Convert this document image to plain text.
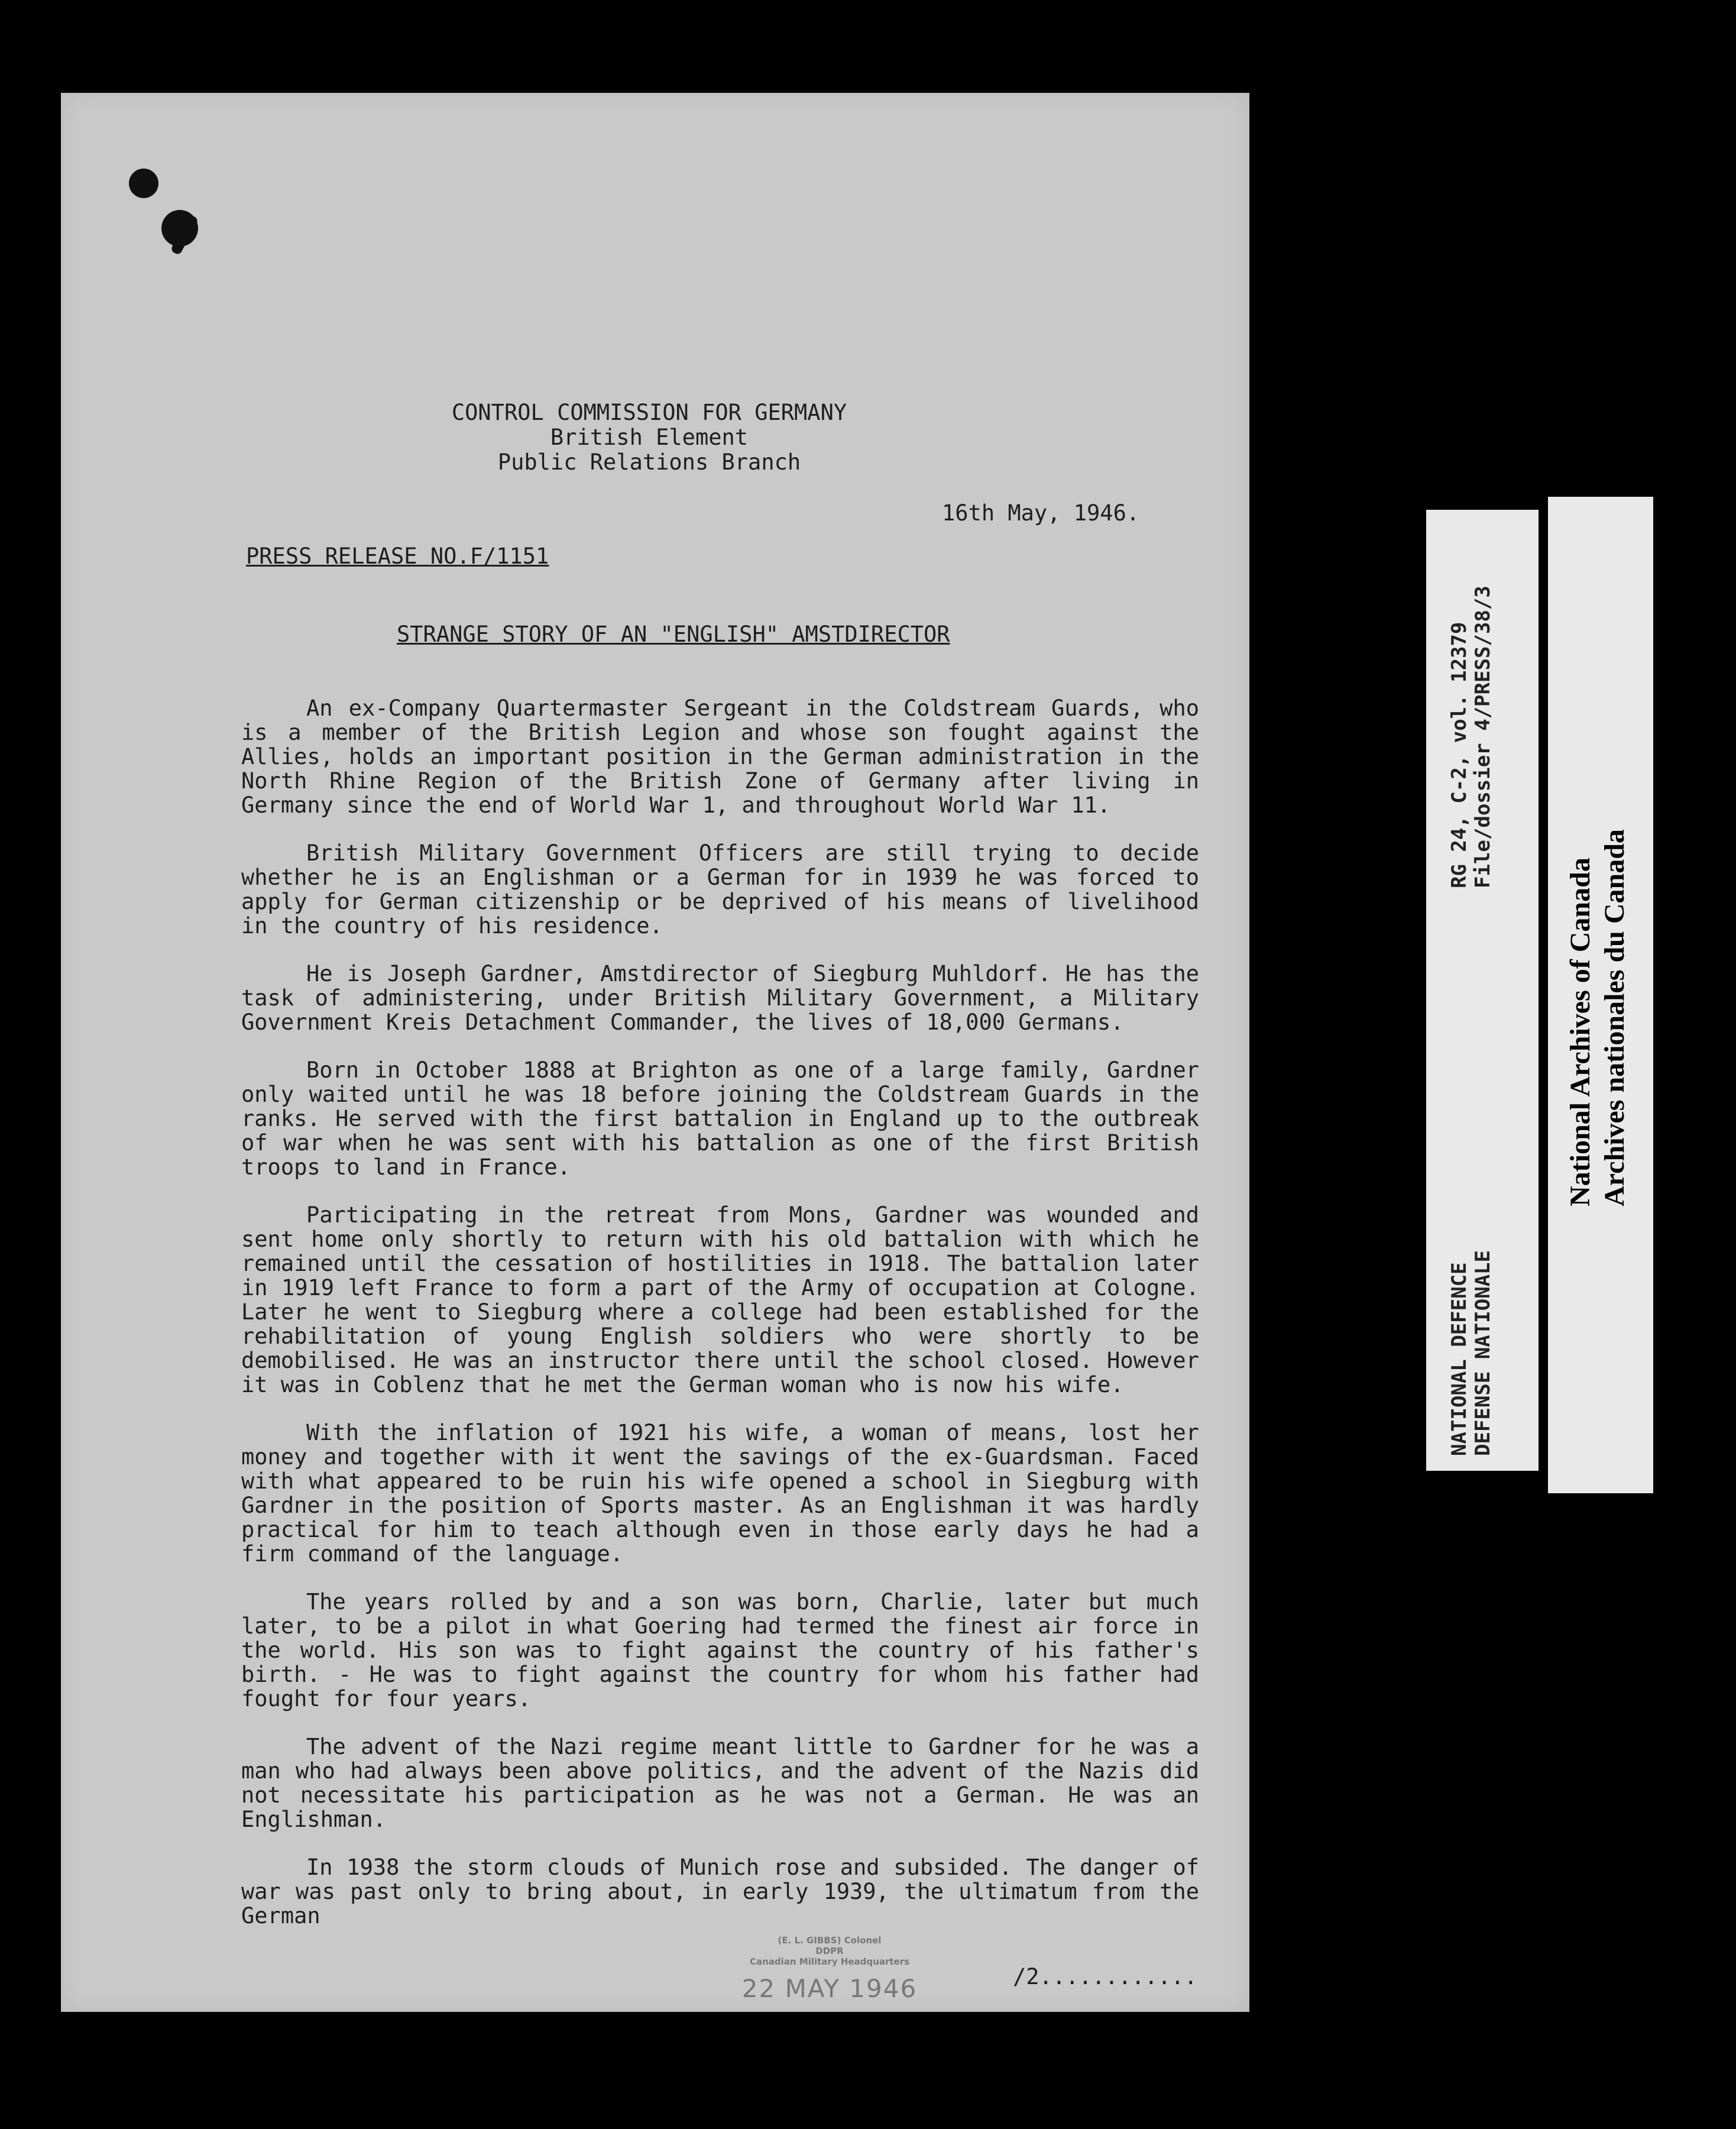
CONTROL COMMISSION FOR GERMANY
British Element
Public Relations Branch
16th May, 1946.
PRESS RELEASE NO.F/1151
STRANGE STORY OF AN "ENGLISH" AMSTDIRECTOR

An ex-Company Quartermaster Sergeant in the Coldstream Guards, who is a member of the British Legion and whose son fought against the Allies, holds an important position in the German administration in the North Rhine Region of the British Zone of Germany after living in Germany since the end of World War 1, and throughout World War 11.

British Military Government Officers are still trying to decide whether he is an Englishman or a German for in 1939 he was forced to apply for German citizenship or be deprived of his means of livelihood in the country of his residence.

He is Joseph Gardner, Amstdirector of Siegburg Muhldorf. He has the task of administering, under British Military Government, a Military Government Kreis Detachment Commander, the lives of 18,000 Germans.

Born in October 1888 at Brighton as one of a large family, Gardner only waited until he was 18 before joining the Coldstream Guards in the ranks. He served with the first battalion in England up to the outbreak of war when he was sent with his battalion as one of the first British troops to land in France.

Participating in the retreat from Mons, Gardner was wounded and sent home only shortly to return with his old battalion with which he remained until the cessation of hostilities in 1918. The battalion later in 1919 left France to form a part of the Army of occupation at Cologne. Later he went to Siegburg where a college had been established for the rehabilitation of young English soldiers who were shortly to be demobilised. He was an instructor there until the school closed. However it was in Coblenz that he met the German woman who is now his wife.

With the inflation of 1921 his wife, a woman of means, lost her money and together with it went the savings of the ex-Guardsman. Faced with what appeared to be ruin his wife opened a school in Siegburg with Gardner in the position of Sports master. As an Englishman it was hardly practical for him to teach although even in those early days he had a firm command of the language.

The years rolled by and a son was born, Charlie, later but much later, to be a pilot in what Goering had termed the finest air force in the world. His son was to fight against the country of his father's birth. - He was to fight against the country for whom his father had fought for four years.

The advent of the Nazi regime meant little to Gardner for he was a man who had always been above politics, and the advent of the Nazis did not necessitate his participation as he was not a German. He was an Englishman.

In 1938 the storm clouds of Munich rose and subsided. The danger of war was past only to bring about, in early 1939, the ultimatum from the German

(E. L. GIBBS) Colonel
DDPR
Canadian Military Headquarters
22 MAY 1946	/2............
RG 24, C-2, vol. 12379 File/dossier 4/PRESS/38/3
NATIONAL DEFENCE DEFENSE NATIONALE
National Archives of Canada Archives nationales du Canada
